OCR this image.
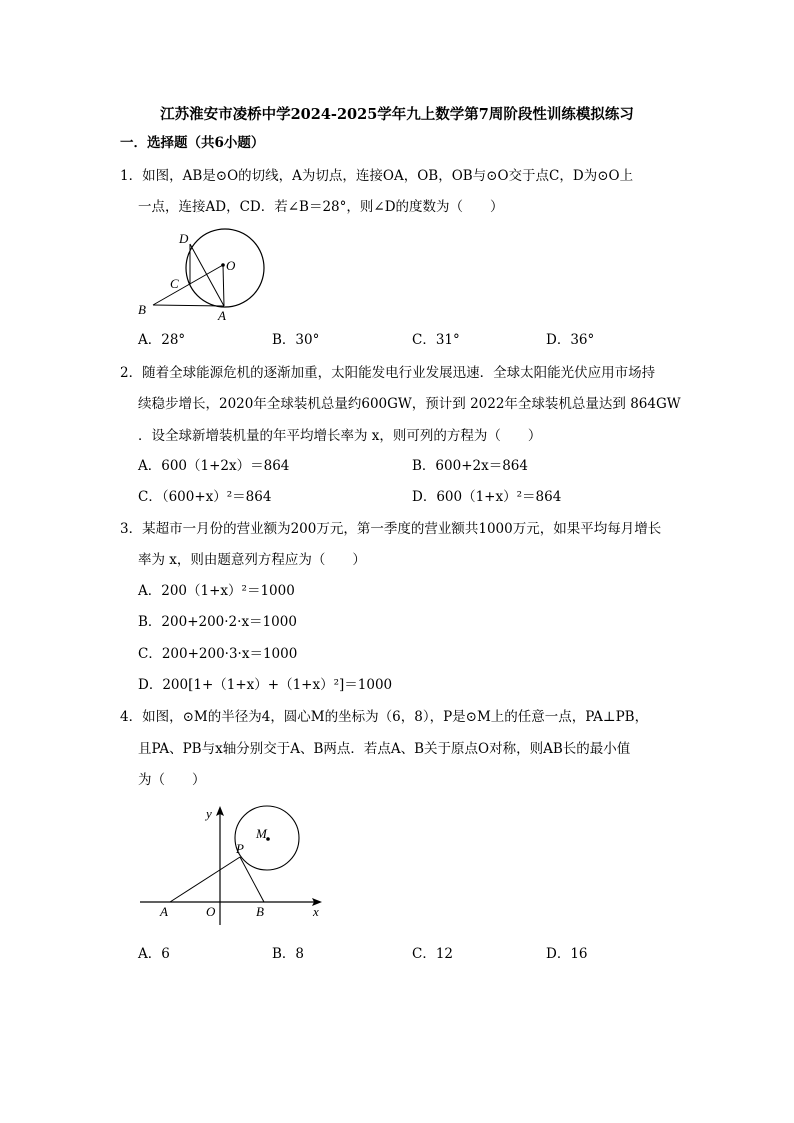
江苏淮安市凌桥中学2024-2025学年九上数学第7周阶段性训练模拟练习
一．选择题（共6小题）
1．如图，AB是⊙O的切线，A为切点，连接OA，OB，OB与⊙O交于点C，D为⊙O上
一点，连接AD，CD．若∠B＝28°，则∠D的度数为（　　）
D
O
C
B	A
y
M
P
A	O	B	x
A．28°	B．30°	C．31°	D．36°
2．随着全球能源危机的逐渐加重，太阳能发电行业发展迅速．全球太阳能光伏应用市场持
续稳步增长，2020年全球装机总量约600GW，预计到 2022年全球装机总量达到 864GW
．设全球新增装机量的年平均增长率为 x，则可列的方程为（　　）
A．600（1+2x）＝864	B．600+2x＝864
C．（600+x）²＝864	D．600（1+x）²＝864
3．某超市一月份的营业额为200万元，第一季度的营业额共1000万元，如果平均每月增长
率为 x，则由题意列方程应为（　　）
A．200（1+x）²＝1000
B．200+200·2·x＝1000
C．200+200·3·x＝1000
D．200[1+（1+x）+（1+x）²]＝1000
4．如图，⊙M的半径为4，圆心M的坐标为（6，8），P是⊙M上的任意一点，PA⊥PB，
且PA、PB与x轴分别交于A、B两点．若点A、B关于原点O对称，则AB长的最小值
为（　　）
A．6	B．8	C．12	D．16
